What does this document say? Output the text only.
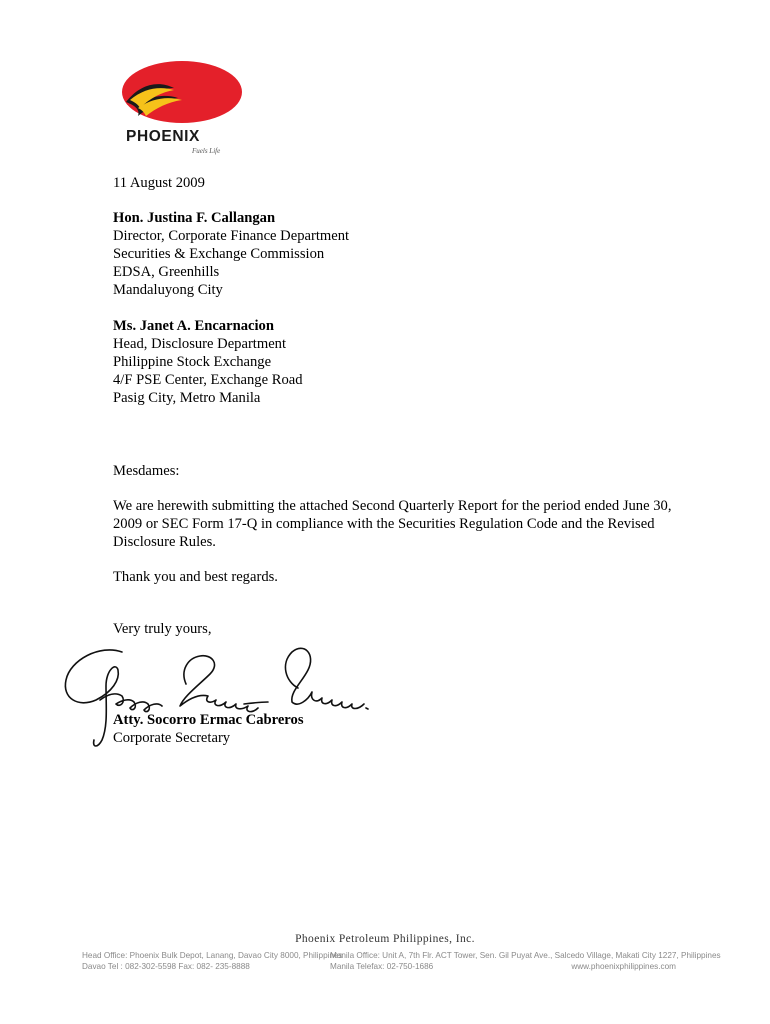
PHOENIX
Fuels Life
11 August 2009
Hon. Justina F. Callangan
Director, Corporate Finance Department
Securities & Exchange Commission
EDSA, Greenhills
Mandaluyong City
Ms. Janet A. Encarnacion
Head, Disclosure Department
Philippine Stock Exchange
4/F PSE Center, Exchange Road
Pasig City, Metro Manila
Mesdames:
We are herewith submitting the attached Second Quarterly Report for the period ended June 30,
2009 or SEC Form 17-Q in compliance with the Securities Regulation Code and the Revised
Disclosure Rules.
Thank you and best regards.
Very truly yours,
Atty. Socorro Ermac Cabreros
Corporate Secretary
Phoenix Petroleum Philippines, Inc.
Head Office: Phoenix Bulk Depot, Lanang, Davao City 8000, Philippines
Davao Tel : 082-302-5598 Fax: 082- 235-8888
Manila Office: Unit A, 7th Flr. ACT Tower, Sen. Gil Puyat Ave., Salcedo Village, Makati City 1227, Philippines
Manila Telefax: 02-750-1686	www.phoenixphilippines.com
